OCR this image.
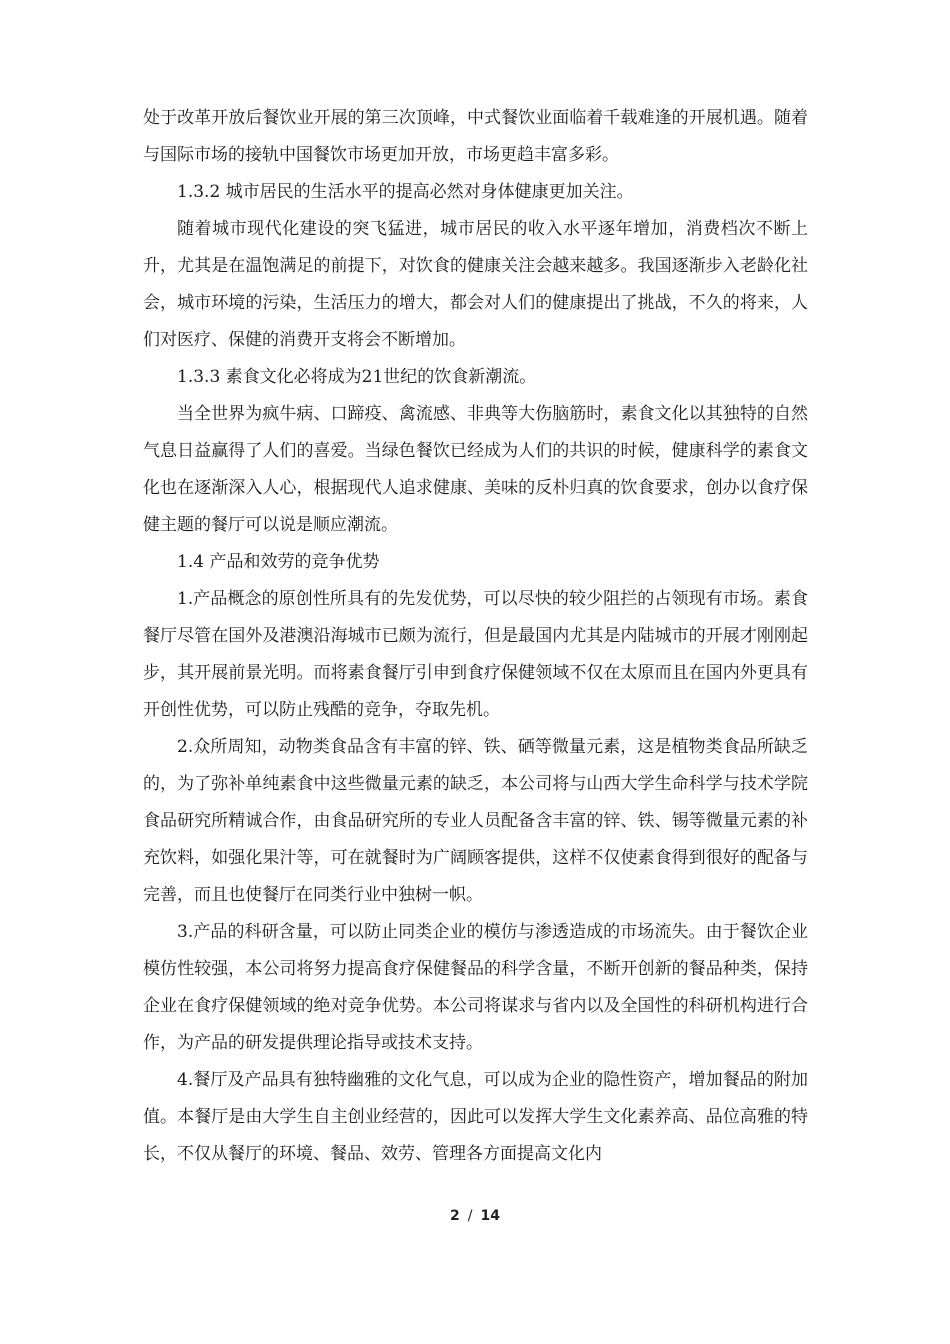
处于改革开放后餐饮业开展的第三次顶峰，中式餐饮业面临着千载难逢的开展机遇。随着与国际市场的接轨中国餐饮市场更加开放，市场更趋丰富多彩。

1.3.2 城市居民的生活水平的提高必然对身体健康更加关注。

随着城市现代化建设的突飞猛进，城市居民的收入水平逐年增加，消费档次不断上升，尤其是在温饱满足的前提下，对饮食的健康关注会越来越多。我国逐渐步入老龄化社会，城市环境的污染，生活压力的增大，都会对人们的健康提出了挑战，不久的将来，人们对医疗、保健的消费开支将会不断增加。

1.3.3 素食文化必将成为21世纪的饮食新潮流。

当全世界为疯牛病、口蹄疫、禽流感、非典等大伤脑筋时，素食文化以其独特的自然气息日益赢得了人们的喜爱。当绿色餐饮已经成为人们的共识的时候，健康科学的素食文化也在逐渐深入人心，根据现代人追求健康、美味的反朴归真的饮食要求，创办以食疗保健主题的餐厅可以说是顺应潮流。

1.4 产品和效劳的竞争优势

1.产品概念的原创性所具有的先发优势，可以尽快的较少阻拦的占领现有市场。素食餐厅尽管在国外及港澳沿海城市已颇为流行，但是最国内尤其是内陆城市的开展才刚刚起步，其开展前景光明。而将素食餐厅引申到食疗保健领域不仅在太原而且在国内外更具有开创性优势，可以防止残酷的竞争，夺取先机。

2.众所周知，动物类食品含有丰富的锌、铁、硒等微量元素，这是植物类食品所缺乏的，为了弥补单纯素食中这些微量元素的缺乏，本公司将与山西大学生命科学与技术学院食品研究所精诚合作，由食品研究所的专业人员配备含丰富的锌、铁、锡等微量元素的补充饮料，如强化果汁等，可在就餐时为广阔顾客提供，这样不仅使素食得到很好的配备与完善，而且也使餐厅在同类行业中独树一帜。

3.产品的科研含量，可以防止同类企业的模仿与渗透造成的市场流失。由于餐饮企业模仿性较强，本公司将努力提高食疗保健餐品的科学含量，不断开创新的餐品种类，保持企业在食疗保健领域的绝对竞争优势。本公司将谋求与省内以及全国性的科研机构进行合作，为产品的研发提供理论指导或技术支持。

4.餐厅及产品具有独特幽雅的文化气息，可以成为企业的隐性资产，增加餐品的附加值。本餐厅是由大学生自主创业经营的，因此可以发挥大学生文化素养高、品位高雅的特长，不仅从餐厅的环境、餐品、效劳、管理各方面提高文化内

2 / 14
